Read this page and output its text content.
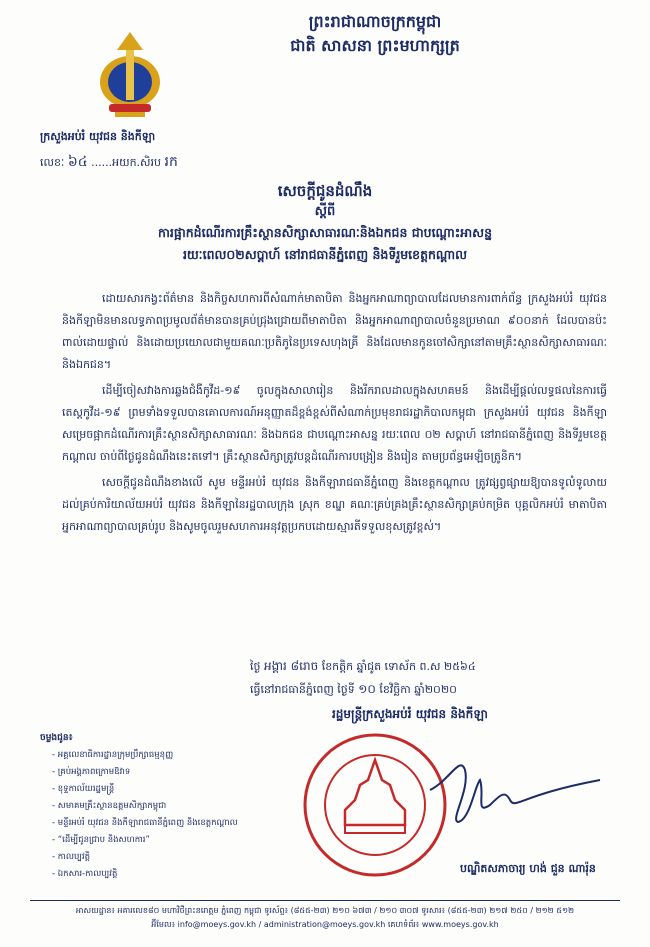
ព្រះរាជាណាចក្រកម្ពុជា
ជាតិ សាសនា ព្រះមហាក្សត្រ
ក្រសួងអប់រំ យុវជន និងកីឡា
លេខៈ ៦៤ ......អយក.សិរប រក
សេចក្តីជូនដំណឹង
ស្តីពី
ការផ្អាកដំណើរការគ្រឹះស្ថានសិក្សាសាធារណៈនិងឯកជន ជាបណ្តោះអាសន្ន
រយៈពេល០២សប្តាហ៍ នៅរាជធានីភ្នំពេញ និងទីរួមខេត្តកណ្តាល

ដោយសារកង្វះព័ត៌មាន និងកិច្ចសហការពីសំណាក់មាតាបិតា និងអ្នកអាណាព្យាបាលដែលមានការពាក់ព័ន្ធ ក្រសួងអប់រំ យុវជន និងកីឡាមិនមានលទ្ធភាពប្រមូលព័ត៌មានបានគ្រប់ជ្រុងជ្រោយពីមាតាបិតា និងអ្នកអាណាព្យាបាលចំនួនប្រមាណ ៩០០នាក់ ដែលបានប៉ះពាល់ដោយផ្ទាល់ និងដោយប្រយោលជាមួយគណៈប្រតិភូនៃប្រទេសហុងគ្រី និងដែលមានកូនចៅសិក្សានៅតាមគ្រឹះស្ថានសិក្សាសាធារណៈនិងឯកជន។

ដើម្បីចៀសវាងការឆ្លងជំងឺកូវីដ-១៩ ចូលក្នុងសាលារៀន និងរីករាលដាលក្នុងសហគមន៍ និងដើម្បីផ្តល់លទ្ធផលនៃការធ្វើតេស្តកូវីដ-១៩ ព្រមទាំងទទួលបានគោលការណ៍អនុញ្ញាតដ៏ខ្ពង់ខ្ពស់ពីសំណាក់ប្រមុខរាជរដ្ឋាភិបាលកម្ពុជា ក្រសួងអប់រំ យុវជន និងកីឡាសម្រេចផ្អាកដំណើរការគ្រឹះស្ថានសិក្សាសាធារណៈ និងឯកជន ជាបណ្តោះអាសន្ន រយៈពេល ០២ សប្តាហ៍ នៅរាជធានីភ្នំពេញ និងទីរួមខេត្តកណ្តាល ចាប់ពីថ្ងៃជូនដំណឹងនេះតទៅ។ គ្រឹះស្ថានសិក្សាត្រូវបន្តដំណើរការបង្រៀន និងរៀន តាមប្រព័ន្ធអេឡិចត្រូនិក។

សេចក្តីជូនដំណឹងខាងលើ សូម មន្ទីរអប់រំ យុវជន និងកីឡារាជធានីភ្នំពេញ និងខេត្តកណ្តាល ត្រូវផ្សព្វផ្សាយឱ្យបានទូលំទូលាយដល់គ្រប់ការិយាល័យអប់រំ យុវជន និងកីឡានៃរដ្ឋបាលក្រុង ស្រុក ខណ្ឌ គណៈគ្រប់គ្រងគ្រឹះស្ថានសិក្សាគ្រប់កម្រិត បុគ្គលិកអប់រំ មាតាបិតា អ្នកអាណាព្យាបាលគ្រប់រូប និងសូមចូលរួមសហការអនុវត្តប្រកបដោយស្មារតីទទួលខុសត្រូវខ្ពស់។

ថ្ងៃ អង្គារ ៨រោច ខែកត្តិក ឆ្នាំជូត ទោស័ក ព.ស ២៥៦៤
ធ្វើនៅរាជធានីភ្នំពេញ ថ្ងៃទី ១០ ខែវិច្ឆិកា ឆ្នាំ២០២០
រដ្ឋមន្ត្រីក្រសួងអប់រំ យុវជន និងកីឡា
ចម្លងជូន៖
- អគ្គលេខាធិការដ្ឋានក្រុមប្រឹក្សាធម្មនុញ្ញ
- គ្រប់អង្គភាពក្រោមឱវាទ
- ខុទ្ទកាល័យរដ្ឋមន្ត្រី
- សមាគមគ្រឹះស្ថានឧត្តមសិក្សាកម្ពុជា
- មន្ទីរអប់រំ យុវជន និងកីឡារាជធានីភ្នំពេញ និងខេត្តកណ្តាល
- “ដើម្បីជូនជ្រាប និងសហការ”
- កាលប្បវត្តិ
- ឯកសារ-កាលប្បវត្តិ	បណ្ឌិតសភាចារ្យ ហង់ ជួន ណារ៉ុន
អាសយដ្ឋាន៖ អគារលេខ៨០ មហាវិថីព្រះនរោត្តម ភ្នំពេញ កម្ពុជា ទូរស័ព្ទ៖ (៨៥៥-២៣) ២១០ ៦៧៣ / ២១០ ៣០៧ ទូរសារ៖ (៨៥៥-២៣) ២១៧ ២៥០ / ២១២ ៥១២
អ៊ីមែល៖ info@moeys.gov.kh / administration@moeys.gov.kh គេហទំព័រ៖ www.moeys.gov.kh
